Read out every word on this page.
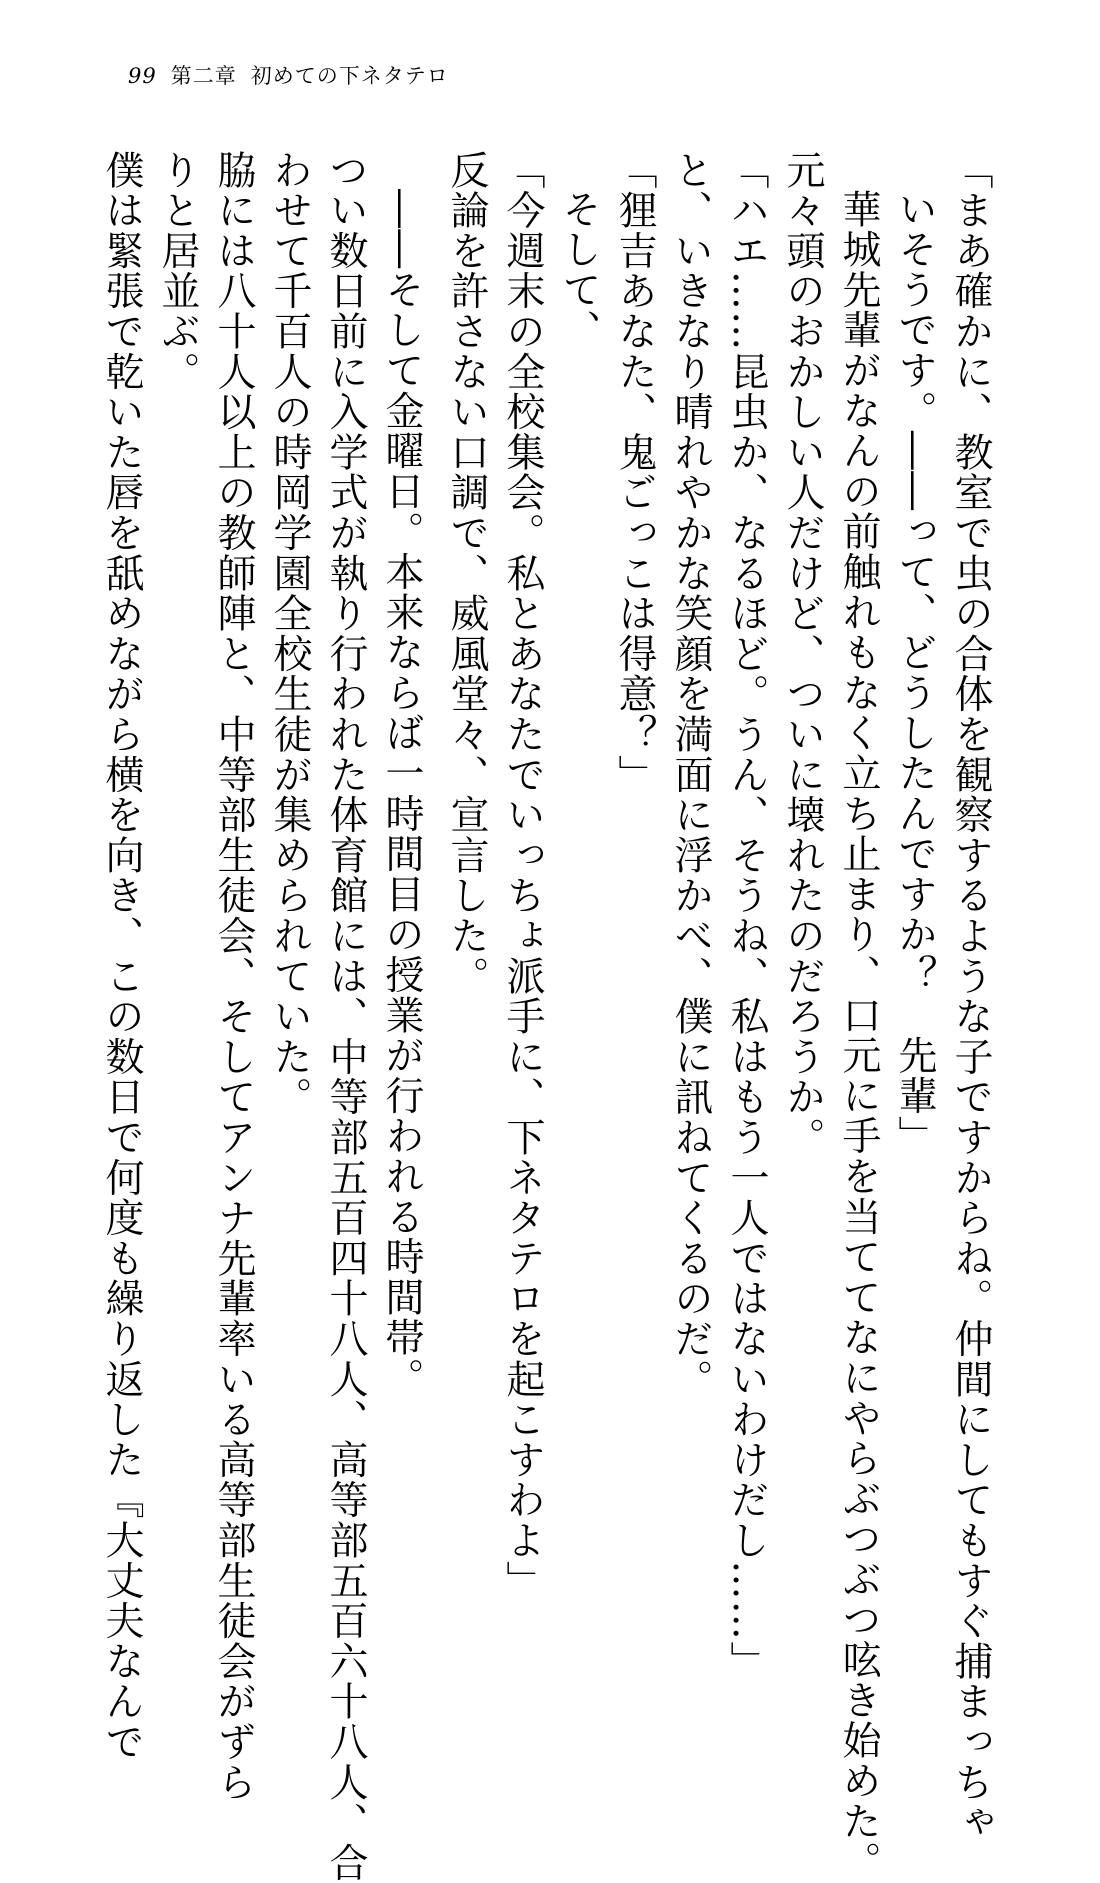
99 第二章 初めての下ネタテロ
「まあ確かに、教室で虫の合体を観察するような子ですからね。仲間にしてもすぐ捕まっちゃ
いそうです。――って、どうしたんですか？　先輩」
華城先輩がなんの前触れもなく立ち止まり、口元に手を当ててなにやらぶつぶつ呟き始めた。
元々頭のおかしい人だけど、ついに壊れたのだろうか。
「ハエ……昆虫か、なるほど。うん、そうね、私はもう一人ではないわけだし……」
と、いきなり晴れやかな笑顔を満面に浮かべ、僕に訊ねてくるのだ。
「狸吉あなた、鬼ごっこは得意？」
そして、
「今週末の全校集会。私とあなたでいっちょ派手に、下ネタテロを起こすわよ」
反論を許さない口調で、威風堂々、宣言した。
――そして金曜日。本来ならば一時間目の授業が行われる時間帯。
つい数日前に入学式が執り行われた体育館には、中等部五百四十八人、高等部五百六十八人、合
わせて千百人の時岡学園全校生徒が集められていた。
脇には八十人以上の教師陣と、中等部生徒会、そしてアンナ先輩率いる高等部生徒会がずら
りと居並ぶ。
僕は緊張で乾いた唇を舐めながら横を向き、この数日で何度も繰り返した『大丈夫なんで
